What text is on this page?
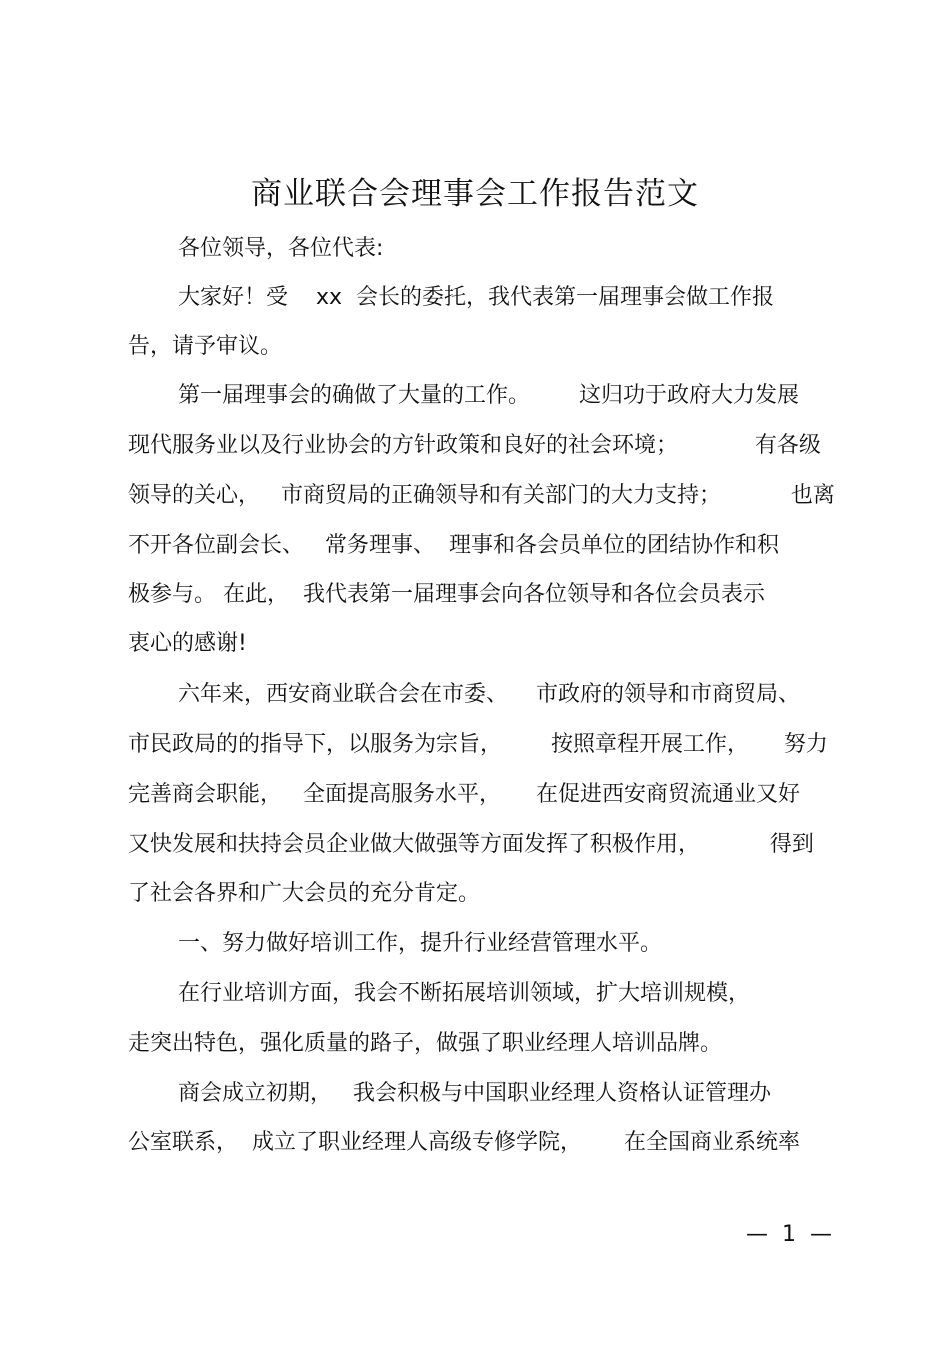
商业联合会理事会工作报告范文
各位领导，各位代表:
大家好！受    xx  会长的委托，我代表第一届理事会做工作报
告，请予审议。
第一届理事会的确做了大量的工作。       这归功于政府大力发展
现代服务业以及行业协会的方针政策和良好的社会环境；           有各级
领导的关心，   市商贸局的正确领导和有关部门的大力支持；          也离
不开各位副会长、   常务理事、  理事和各会员单位的团结协作和积
极参与。 在此，  我代表第一届理事会向各位领导和各位会员表示
衷心的感谢!
六年来，西安商业联合会在市委、    市政府的领导和市商贸局、
市民政局的的指导下，以服务为宗旨，       按照章程开展工作，     努力
完善商会职能，   全面提高服务水平，     在促进西安商贸流通业又好
又快发展和扶持会员企业做大做强等方面发挥了积极作用，          得到
了社会各界和广大会员的充分肯定。
一、努力做好培训工作，提升行业经营管理水平。
在行业培训方面，我会不断拓展培训领域，扩大培训规模，
走突出特色，强化质量的路子，做强了职业经理人培训品牌。
商会成立初期，   我会积极与中国职业经理人资格认证管理办
公室联系，  成立了职业经理人高级专修学院，      在全国商业系统率
—  1  —
